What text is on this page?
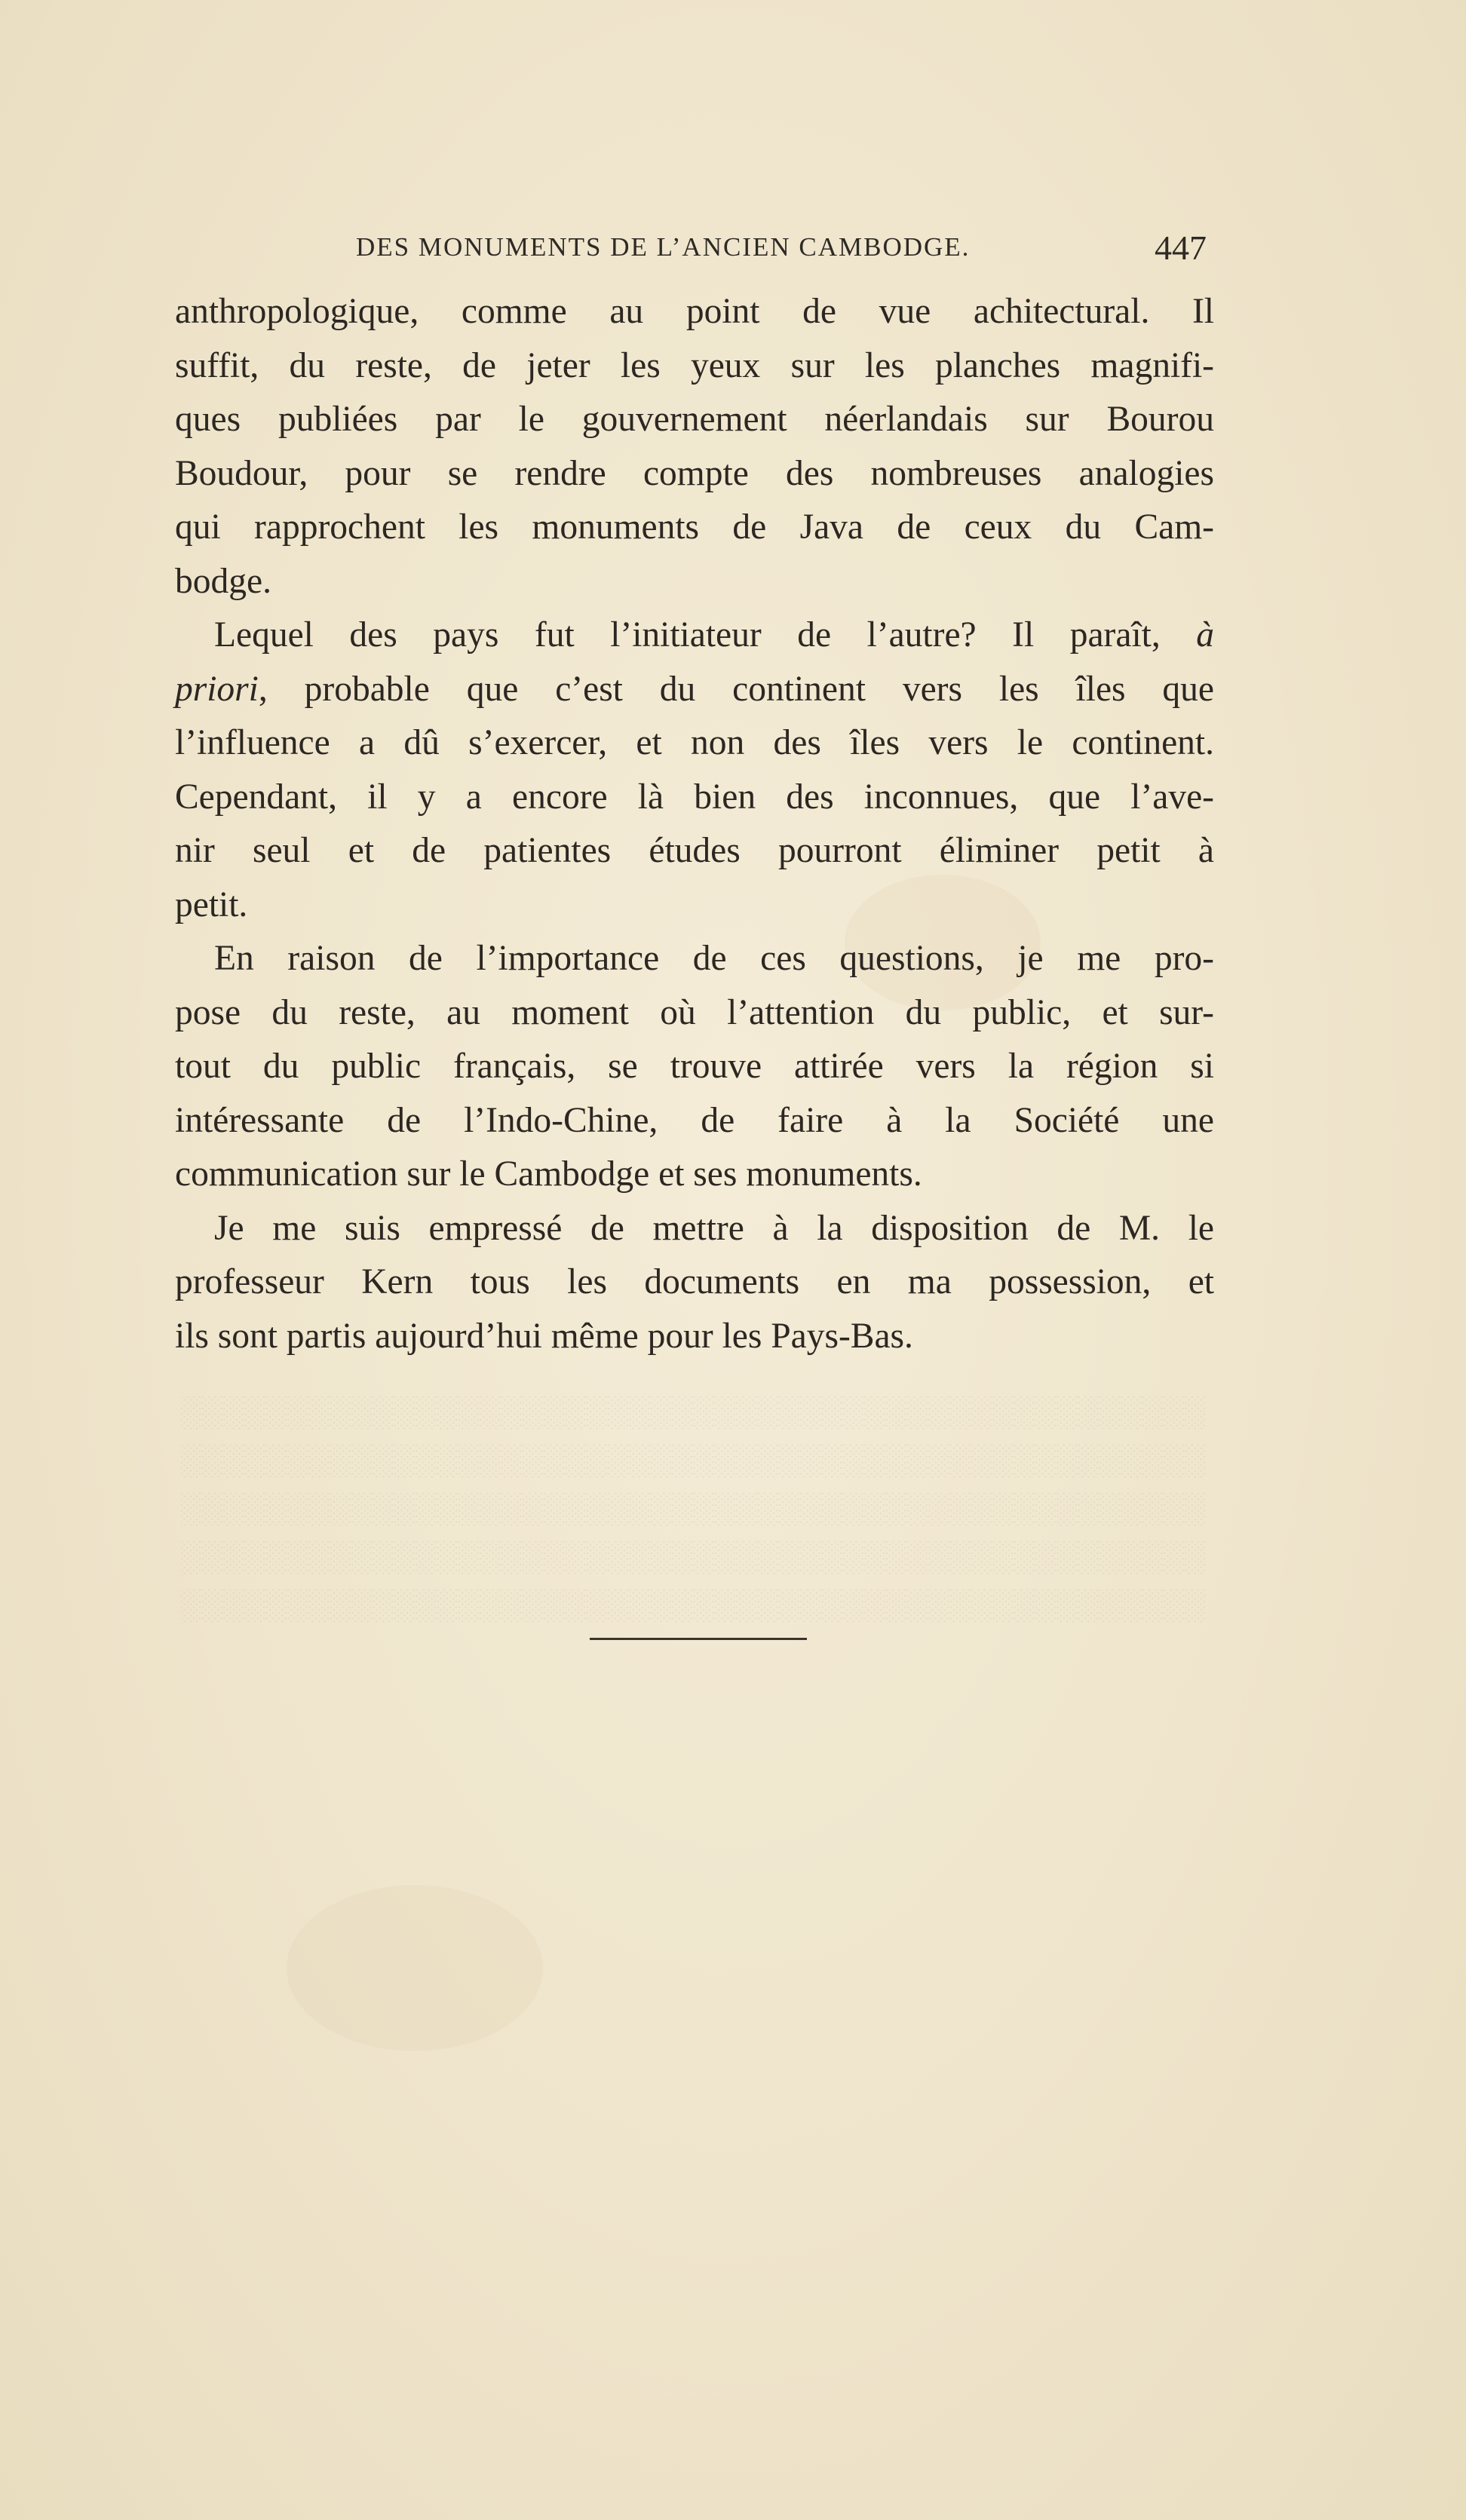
░░░░░░░░░░░░░░░░░░░░░░░░░░░░░░░░░░░░░░░░░░░░░░░░
░░░░░░░░░░░░░░░░░░░░░░░░░░░░░░░░░░░░░░░░░░░░░░░░
░░░░░░░░░░░░░░░░░░░░░░░░░░░░░░░░░░░░░░░░░░░░░░░░
░░░░░░░░░░░░░░░░░░░░░░░░░░░░░░░░░░░░░░░░░░░░░░░░
░░░░░░░░░░░░░░░░░░░░░░░░░░░░░░░░░░░░░░░░░░░░░░░░
DES MONUMENTS DE L’ANCIEN CAMBODGE.	447
anthropologique, comme au point de vue achitectural. Il
suffit, du reste, de jeter les yeux sur les planches magnifi-
ques publiées par le gouvernement néerlandais sur Bourou
Boudour, pour se rendre compte des nombreuses analogies
qui rapprochent les monuments de Java de ceux du Cam-
bodge.
Lequel des pays fut l’initiateur de l’autre? Il paraît, à
priori, probable que c’est du continent vers les îles que
l’influence a dû s’exercer, et non des îles vers le continent.
Cependant, il y a encore là bien des inconnues, que l’ave-
nir seul et de patientes études pourront éliminer petit à
petit.
En raison de l’importance de ces questions, je me pro-
pose du reste, au moment où l’attention du public, et sur-
tout du public français, se trouve attirée vers la région si
intéressante de l’Indo-Chine, de faire à la Société une
communication sur le Cambodge et ses monuments.
Je me suis empressé de mettre à la disposition de M. le
professeur Kern tous les documents en ma possession, et
ils sont partis aujourd’hui même pour les Pays-Bas.
